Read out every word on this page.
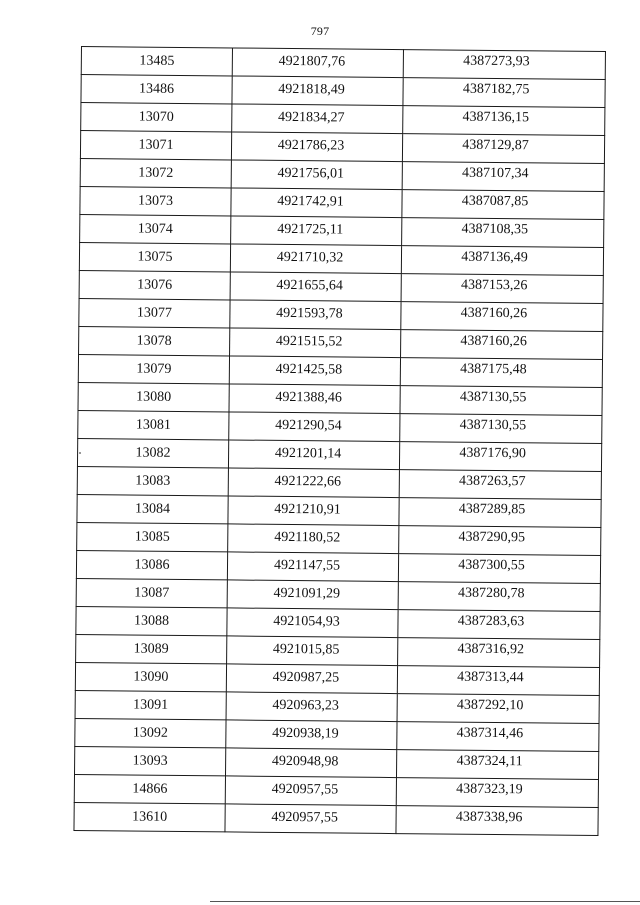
797
13485	4921807,76	4387273,93
13486	4921818,49	4387182,75
13070	4921834,27	4387136,15
13071	4921786,23	4387129,87
13072	4921756,01	4387107,34
13073	4921742,91	4387087,85
13074	4921725,11	4387108,35
13075	4921710,32	4387136,49
13076	4921655,64	4387153,26
13077	4921593,78	4387160,26
13078	4921515,52	4387160,26
13079	4921425,58	4387175,48
13080	4921388,46	4387130,55
13081	4921290,54	4387130,55
13082	4921201,14	4387176,90
13083	4921222,66	4387263,57
13084	4921210,91	4387289,85
13085	4921180,52	4387290,95
13086	4921147,55	4387300,55
13087	4921091,29	4387280,78
13088	4921054,93	4387283,63
13089	4921015,85	4387316,92
13090	4920987,25	4387313,44
13091	4920963,23	4387292,10
13092	4920938,19	4387314,46
13093	4920948,98	4387324,11
14866	4920957,55	4387323,19
13610	4920957,55	4387338,96
